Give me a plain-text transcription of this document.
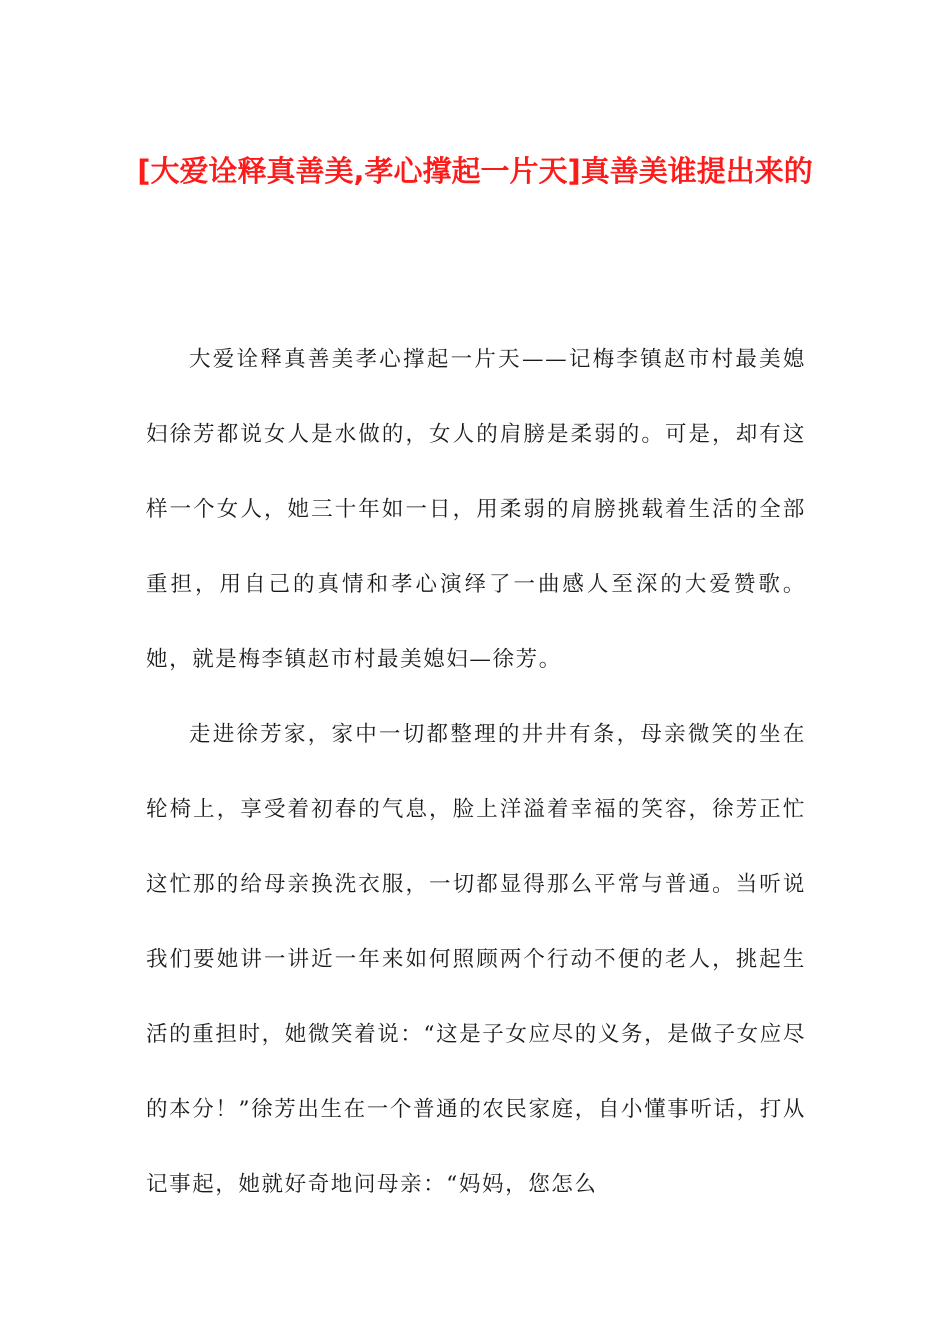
[大爱诠释真善美,孝心撑起一片天]真善美谁提出来的

大爱诠释真善美孝心撑起一片天——记梅李镇赵市村最美媳妇徐芳都说女人是水做的，女人的肩膀是柔弱的。可是，却有这样一个女人，她三十年如一日，用柔弱的肩膀挑载着生活的全部重担，用自己的真情和孝心演绎了一曲感人至深的大爱赞歌。她，就是梅李镇赵市村最美媳妇—徐芳。

走进徐芳家，家中一切都整理的井井有条，母亲微笑的坐在轮椅上，享受着初春的气息，脸上洋溢着幸福的笑容，徐芳正忙这忙那的给母亲换洗衣服，一切都显得那么平常与普通。当听说我们要她讲一讲近一年来如何照顾两个行动不便的老人，挑起生活的重担时，她微笑着说：“这是子女应尽的义务，是做子女应尽的本分！”徐芳出生在一个普通的农民家庭，自小懂事听话，打从记事起，她就好奇地问母亲：“妈妈，您怎么
